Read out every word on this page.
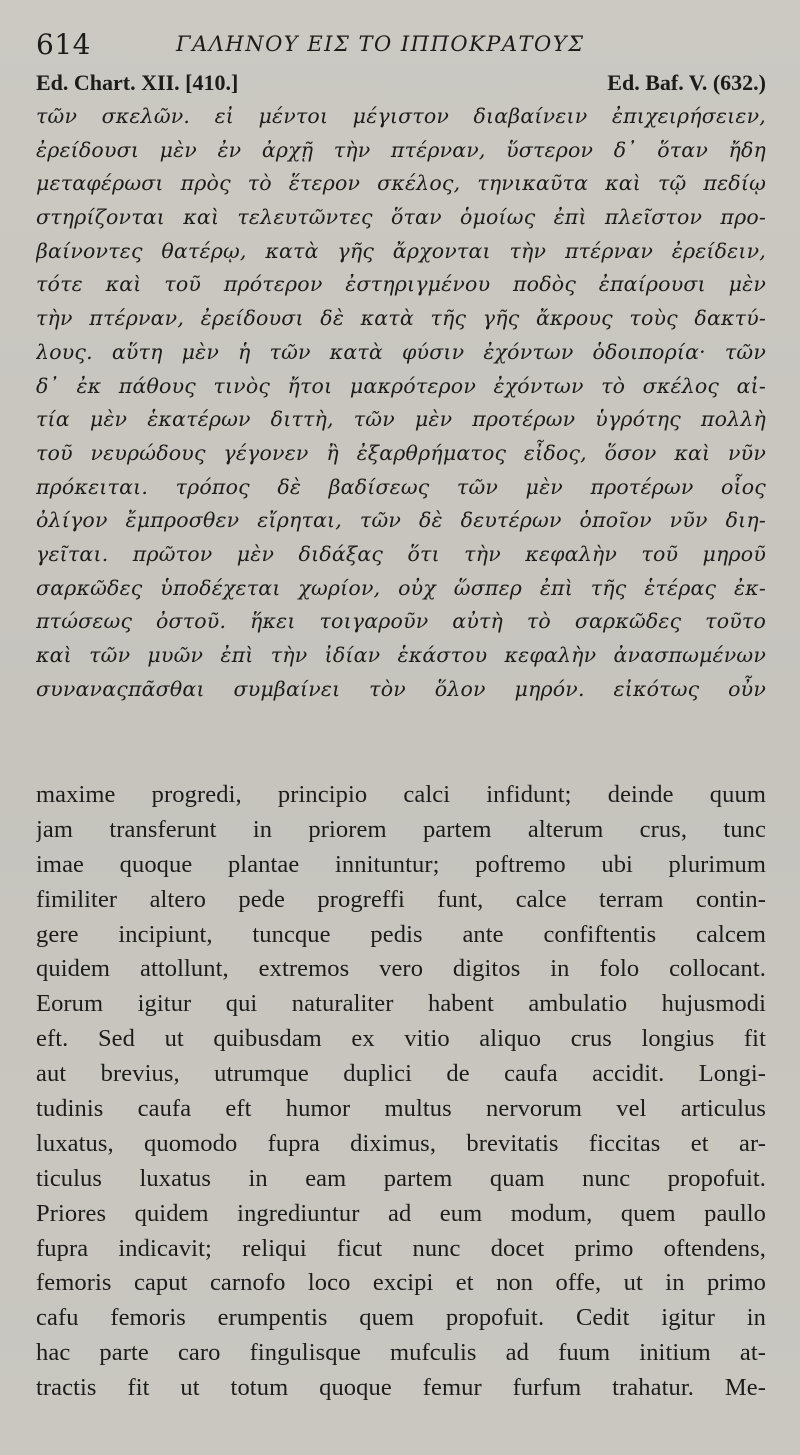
614	ΓΑΛΗΝΟΥ ΕΙΣ ΤΟ ΙΠΠΟΚΡΑΤΟΥΣ
Ed. Chart. XII. [410.]	Ed. Baf. V. (632.)
τῶν σκελῶν. εἰ μέντοι μέγιστον διαβαίνειν ἐπιχειρήσειεν,
ἐρείδουσι μὲν ἐν ἀρχῇ τὴν πτέρναν, ὕστερον δ᾽ ὅταν ἤδη
μεταφέρωσι πρὸς τὸ ἕτερον σκέλος, τηνικαῦτα καὶ τῷ πεδίῳ
στηρίζονται καὶ τελευτῶντες ὅταν ὁμοίως ἐπὶ πλεῖστον προ-
βαίνοντες θατέρῳ, κατὰ γῆς ἄρχονται τὴν πτέρναν ἐρείδειν,
τότε καὶ τοῦ πρότερον ἐστηριγμένου ποδὸς ἐπαίρουσι μὲν
τὴν πτέρναν, ἐρείδουσι δὲ κατὰ τῆς γῆς ἄκρους τοὺς δακτύ-
λους. αὕτη μὲν ἡ τῶν κατὰ φύσιν ἐχόντων ὁδοιπορία· τῶν
δ᾽ ἐκ πάθους τινὸς ἤτοι μακρότερον ἐχόντων τὸ σκέλος αἰ-
τία μὲν ἑκατέρων διττὴ, τῶν μὲν προτέρων ὑγρότης πολλὴ
τοῦ νευρώδους γέγονεν ἢ ἐξαρθρήματος εἶδος, ὅσον καὶ νῦν
πρόκειται. τρόπος δὲ βαδίσεως τῶν μὲν προτέρων οἷος
ὀλίγον ἔμπροσθεν εἴρηται, τῶν δὲ δευτέρων ὁποῖον νῦν διη-
γεῖται. πρῶτον μὲν διδάξας ὅτι τὴν κεφαλὴν τοῦ μηροῦ
σαρκῶδες ὑποδέχεται χωρίον, οὐχ ὥσπερ ἐπὶ τῆς ἑτέρας ἐκ-
πτώσεως ὀστοῦ. ἥκει τοιγαροῦν αὐτὴ τὸ σαρκῶδες τοῦτο
καὶ τῶν μυῶν ἐπὶ τὴν ἰδίαν ἑκάστου κεφαλὴν ἀνασπωμένων
συναναςπᾶσθαι συμβαίνει τὸν ὅλον μηρόν. εἰκότως οὖν
maxime progredi, principio calci infidunt; deinde quum
jam transferunt in priorem partem alterum crus, tunc
imae quoque plantae innituntur; poftremo ubi plurimum
fimiliter altero pede progreffi funt, calce terram contin-
gere incipiunt, tuncque pedis ante confiftentis calcem
quidem attollunt, extremos vero digitos in folo collocant.
Eorum igitur qui naturaliter habent ambulatio hujusmodi
eft. Sed ut quibusdam ex vitio aliquo crus longius fit
aut brevius, utrumque duplici de caufa accidit. Longi-
tudinis caufa eft humor multus nervorum vel articulus
luxatus, quomodo fupra diximus, brevitatis ficcitas et ar-
ticulus luxatus in eam partem quam nunc propofuit.
Priores quidem ingrediuntur ad eum modum, quem paullo
fupra indicavit; reliqui ficut nunc docet primo oftendens,
femoris caput carnofo loco excipi et non offe, ut in primo
cafu femoris erumpentis quem propofuit. Cedit igitur in
hac parte caro fingulisque mufculis ad fuum initium at-
tractis fit ut totum quoque femur furfum trahatur. Me-
